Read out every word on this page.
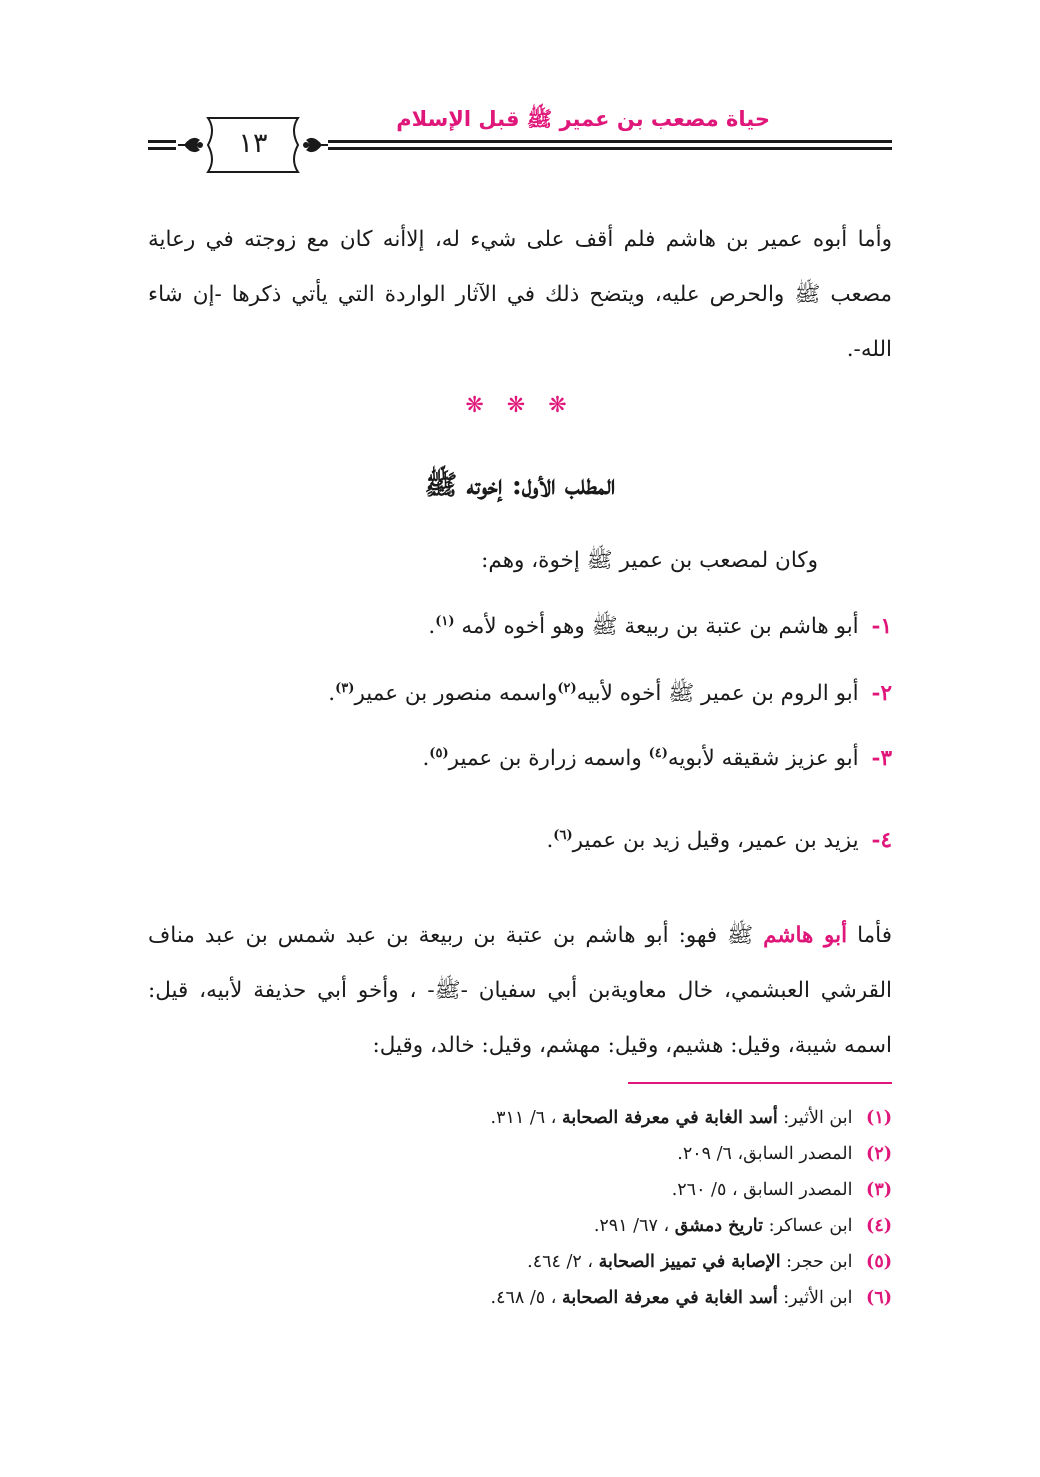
حياة مصعب بن عمير ﷺ قبل الإسلام
١٣
وأما أبوه عمير بن هاشم فلم أقف على شيء له، إلاأنه كان مع زوجته في رعاية مصعب ﷺ والحرص عليه، ويتضح ذلك في الآثار الواردة التي يأتي ذكرها -إن شاء الله-.
❋ ❋ ❋
المطلب الأول: إخوته ﷺ
وكان لمصعب بن عمير ﷺ إخوة، وهم:
١- أبو هاشم بن عتبة بن ربيعة ﷺ وهو أخوه لأمه $^{(١)}$.
٢- أبو الروم بن عمير ﷺ أخوه لأبيه$^{(٢)}$واسمه منصور بن عمير$^{(٣)}$.
٣- أبو عزيز شقيقه لأبويه$^{(٤)}$ واسمه زرارة بن عمير$^{(٥)}$.
٤- يزيد بن عمير، وقيل زيد بن عمير$^{(٦)}$.
فأما أبو هاشم ﷺ فهو: أبو هاشم بن عتبة بن ربيعة بن عبد شمس بن عبد مناف القرشي العبشمي، خال معاويةبن أبي سفيان -ﷺ- ، وأخو أبي حذيفة لأبيه، قيل: اسمه شيبة، وقيل: هشيم، وقيل: مهشم، وقيل: خالد، وقيل:
(١) ابن الأثير: أسد الغابة في معرفة الصحابة ، ٦/ ٣١١.
(٢) المصدر السابق، ٦/ ٢٠٩.
(٣) المصدر السابق ، ٥/ ٢٦٠.
(٤) ابن عساكر: تاريخ دمشق ، ٦٧/ ٢٩١.
(٥) ابن حجر: الإصابة في تمييز الصحابة ، ٢/ ٤٦٤.
(٦) ابن الأثير: أسد الغابة في معرفة الصحابة ، ٥/ ٤٦٨.
